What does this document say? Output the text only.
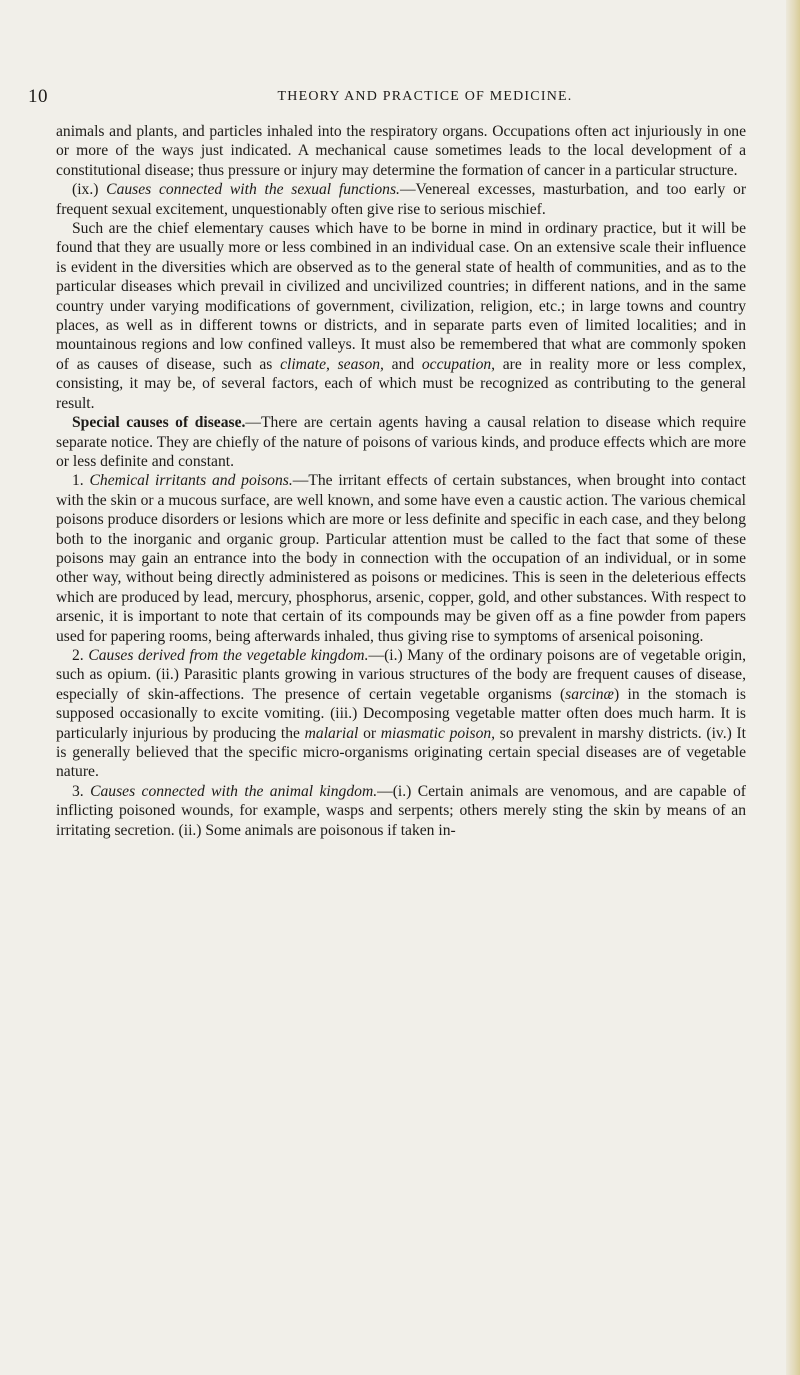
10	THEORY AND PRACTICE OF MEDICINE.

animals and plants, and particles inhaled into the respiratory organs. Occupations often act injuriously in one or more of the ways just indicated. A mechanical cause sometimes leads to the local development of a constitutional disease; thus pressure or injury may determine the formation of cancer in a particular structure.

(ix.) Causes connected with the sexual functions.—Venereal excesses, masturbation, and too early or frequent sexual excitement, unquestionably often give rise to serious mischief.

Such are the chief elementary causes which have to be borne in mind in ordinary practice, but it will be found that they are usually more or less combined in an individual case. On an extensive scale their influence is evident in the diversities which are observed as to the general state of health of communities, and as to the particular diseases which prevail in civilized and uncivilized countries; in different nations, and in the same country under varying modifications of government, civilization, religion, etc.; in large towns and country places, as well as in different towns or districts, and in separate parts even of limited localities; and in mountainous regions and low confined valleys. It must also be remembered that what are commonly spoken of as causes of disease, such as climate, season, and occupation, are in reality more or less complex, consisting, it may be, of several factors, each of which must be recognized as contributing to the general result.

Special causes of disease.—There are certain agents having a causal relation to disease which require separate notice. They are chiefly of the nature of poisons of various kinds, and produce effects which are more or less definite and constant.

1. Chemical irritants and poisons.—The irritant effects of certain substances, when brought into contact with the skin or a mucous surface, are well known, and some have even a caustic action. The various chemical poisons produce disorders or lesions which are more or less definite and specific in each case, and they belong both to the inorganic and organic group. Particular attention must be called to the fact that some of these poisons may gain an entrance into the body in connection with the occupation of an individual, or in some other way, without being directly administered as poisons or medicines. This is seen in the deleterious effects which are produced by lead, mercury, phosphorus, arsenic, copper, gold, and other substances. With respect to arsenic, it is important to note that certain of its compounds may be given off as a fine powder from papers used for papering rooms, being afterwards inhaled, thus giving rise to symptoms of arsenical poisoning.

2. Causes derived from the vegetable kingdom.—(i.) Many of the ordinary poisons are of vegetable origin, such as opium. (ii.) Parasitic plants growing in various structures of the body are frequent causes of disease, especially of skin-affections. The presence of certain vegetable organisms (sarcinæ) in the stomach is supposed occasionally to excite vomiting. (iii.) Decomposing vegetable matter often does much harm. It is particularly injurious by producing the malarial or miasmatic poison, so prevalent in marshy districts. (iv.) It is generally believed that the specific micro-organisms originating certain special diseases are of vegetable nature.

3. Causes connected with the animal kingdom.—(i.) Certain animals are venomous, and are capable of inflicting poisoned wounds, for example, wasps and serpents; others merely sting the skin by means of an irritating secretion. (ii.) Some animals are poisonous if taken in-
